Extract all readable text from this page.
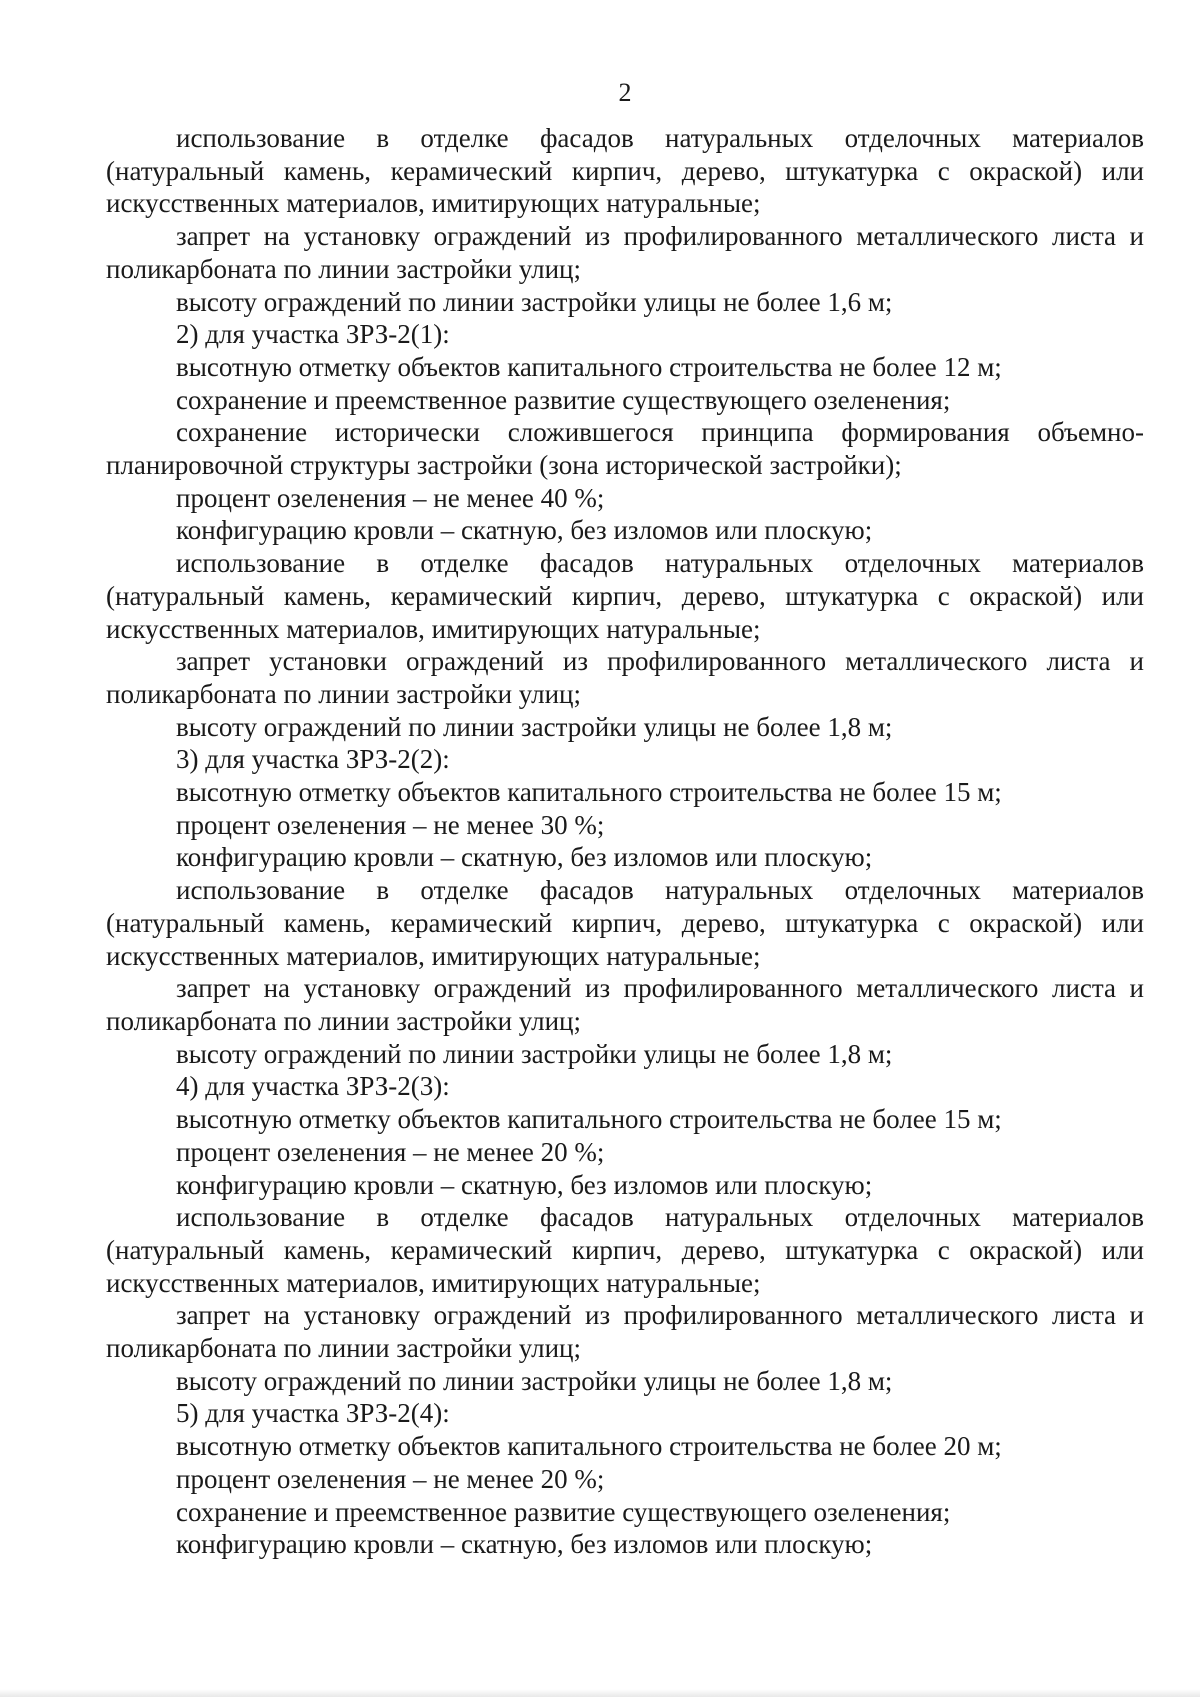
2

использование в отделке фасадов натуральных отделочных материалов (натуральный камень, керамический кирпич, дерево, штукатурка с окраской) или искусственных материалов, имитирующих натуральные;

запрет на установку ограждений из профилированного металлического листа и поликарбоната по линии застройки улиц;

высоту ограждений по линии застройки улицы не более 1,6 м;

2) для участка ЗРЗ-2(1):

высотную отметку объектов капитального строительства не более 12 м;

сохранение и преемственное развитие существующего озеленения;

сохранение исторически сложившегося принципа формирования объемно-планировочной структуры застройки (зона исторической застройки);

процент озеленения – не менее 40 %;

конфигурацию кровли – скатную, без изломов или плоскую;

использование в отделке фасадов натуральных отделочных материалов (натуральный камень, керамический кирпич, дерево, штукатурка с окраской) или искусственных материалов, имитирующих натуральные;

запрет установки ограждений из профилированного металлического листа и поликарбоната по линии застройки улиц;

высоту ограждений по линии застройки улицы не более 1,8 м;

3) для участка ЗРЗ-2(2):

высотную отметку объектов капитального строительства не более 15 м;

процент озеленения – не менее 30 %;

конфигурацию кровли – скатную, без изломов или плоскую;

использование в отделке фасадов натуральных отделочных материалов (натуральный камень, керамический кирпич, дерево, штукатурка с окраской) или искусственных материалов, имитирующих натуральные;

запрет на установку ограждений из профилированного металлического листа и поликарбоната по линии застройки улиц;

высоту ограждений по линии застройки улицы не более 1,8 м;

4) для участка ЗРЗ-2(3):

высотную отметку объектов капитального строительства не более 15 м;

процент озеленения – не менее 20 %;

конфигурацию кровли – скатную, без изломов или плоскую;

использование в отделке фасадов натуральных отделочных материалов (натуральный камень, керамический кирпич, дерево, штукатурка с окраской) или искусственных материалов, имитирующих натуральные;

запрет на установку ограждений из профилированного металлического листа и поликарбоната по линии застройки улиц;

высоту ограждений по линии застройки улицы не более 1,8 м;

5) для участка ЗРЗ-2(4):

высотную отметку объектов капитального строительства не более 20 м;

процент озеленения – не менее 20 %;

сохранение и преемственное развитие существующего озеленения;

конфигурацию кровли – скатную, без изломов или плоскую;
